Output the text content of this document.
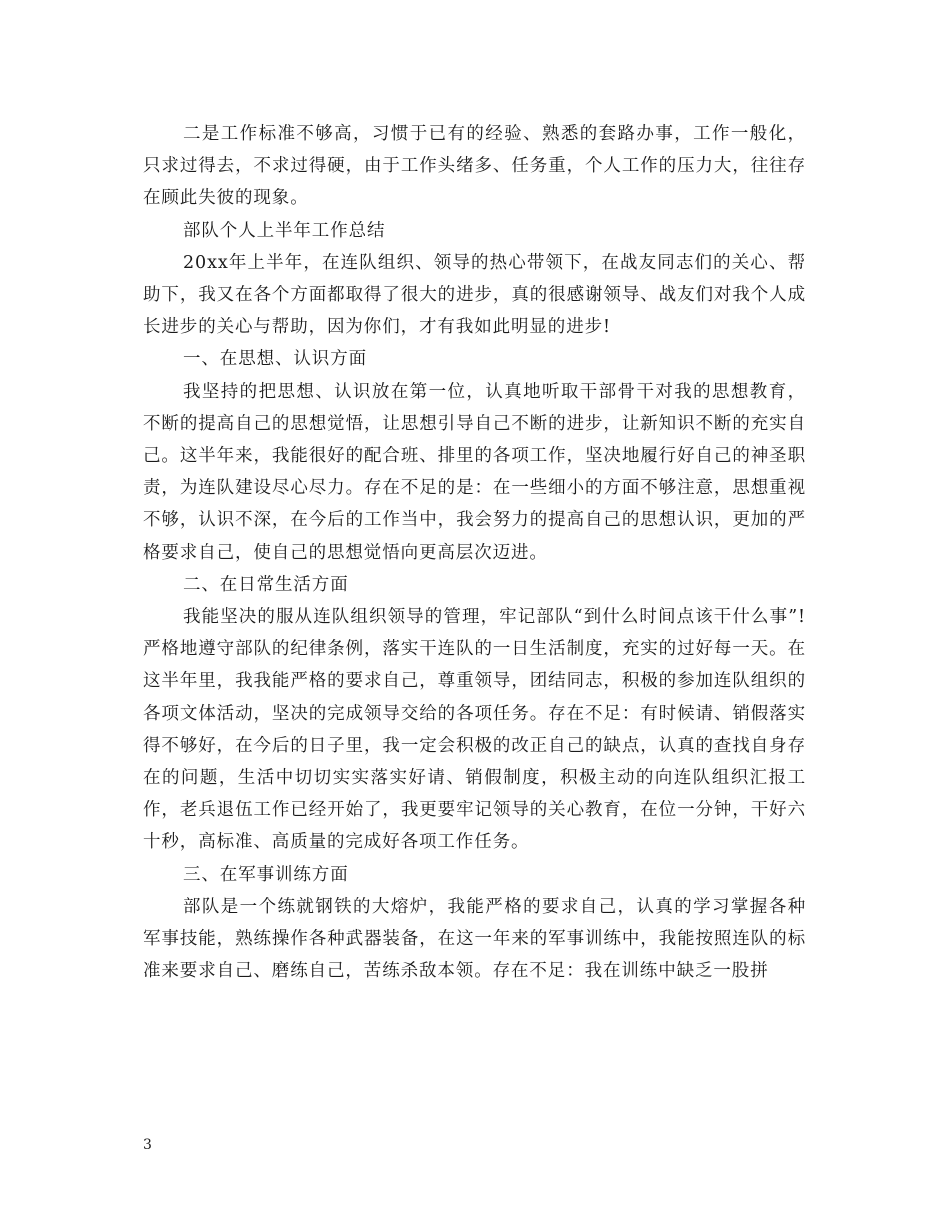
二是工作标准不够高，习惯于已有的经验、熟悉的套路办事，工作一般化，只求过得去，不求过得硬，由于工作头绪多、任务重，个人工作的压力大，往往存在顾此失彼的现象。

部队个人上半年工作总结

20xx年上半年，在连队组织、领导的热心带领下，在战友同志们的关心、帮助下，我又在各个方面都取得了很大的进步，真的很感谢领导、战友们对我个人成长进步的关心与帮助，因为你们，才有我如此明显的进步!

一、在思想、认识方面

我坚持的把思想、认识放在第一位，认真地听取干部骨干对我的思想教育，不断的提高自己的思想觉悟，让思想引导自己不断的进步，让新知识不断的充实自己。这半年来，我能很好的配合班、排里的各项工作，坚决地履行好自己的神圣职责，为连队建设尽心尽力。存在不足的是：在一些细小的方面不够注意，思想重视不够，认识不深，在今后的工作当中，我会努力的提高自己的思想认识，更加的严格要求自己，使自己的思想觉悟向更高层次迈进。

二、在日常生活方面

我能坚决的服从连队组织领导的管理，牢记部队“到什么时间点该干什么事”!严格地遵守部队的纪律条例，落实干连队的一日生活制度，充实的过好每一天。在这半年里，我我能严格的要求自己，尊重领导，团结同志，积极的参加连队组织的各项文体活动，坚决的完成领导交给的各项任务。存在不足：有时候请、销假落实得不够好，在今后的日子里，我一定会积极的改正自己的缺点，认真的查找自身存在的问题，生活中切切实实落实好请、销假制度，积极主动的向连队组织汇报工作，老兵退伍工作已经开始了，我更要牢记领导的关心教育，在位一分钟，干好六十秒，高标准、高质量的完成好各项工作任务。

三、在军事训练方面

部队是一个练就钢铁的大熔炉，我能严格的要求自己，认真的学习掌握各种军事技能，熟练操作各种武器装备，在这一年来的军事训练中，我能按照连队的标准来要求自己、磨练自己，苦练杀敌本领。存在不足：我在训练中缺乏一股拼

3
